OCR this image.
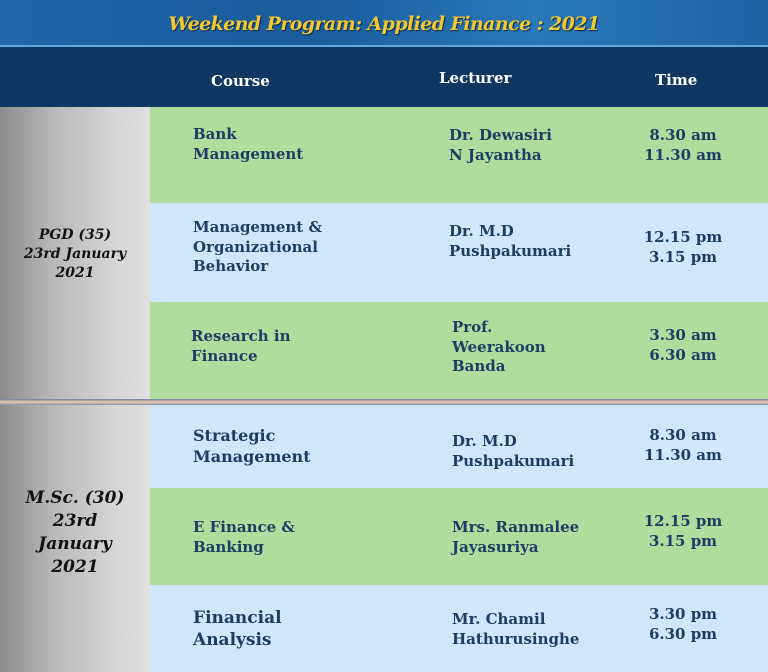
Weekend Program: Applied Finance : 2021
Course	Lecturer	Time
PGD (35)
23rd January
2021
M.Sc. (30)
23rd
January
2021
Bank
Management
Dr. Dewasiri
N Jayantha
8.30 am
11.30 am
Management &
Organizational
Behavior
Dr. M.D
Pushpakumari
12.15 pm
3.15 pm
Research in
Finance
Prof.
Weerakoon
Banda
3.30 am
6.30 am
Strategic
Management
Dr. M.D
Pushpakumari
8.30 am
11.30 am
E Finance &
Banking
Mrs. Ranmalee
Jayasuriya
12.15 pm
3.15 pm
Financial
Analysis
Mr. Chamil
Hathurusinghe
3.30 pm
6.30 pm
